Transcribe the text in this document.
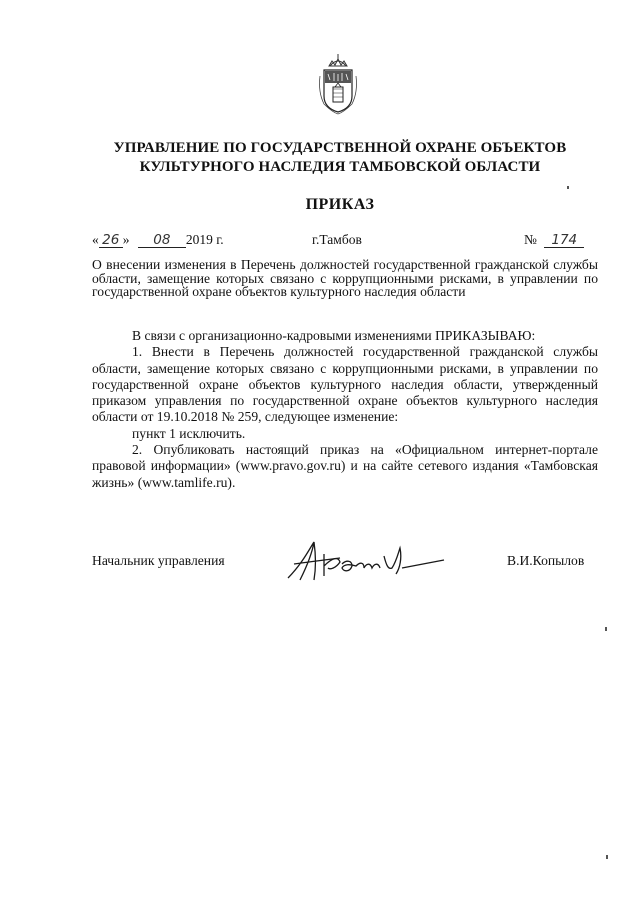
УПРАВЛЕНИЕ ПО ГОСУДАРСТВЕННОЙ ОХРАНЕ ОБЪЕКТОВ
КУЛЬТУРНОГО НАСЛЕДИЯ ТАМБОВСКОЙ ОБЛАСТИ
ПРИКАЗ
« 26 » 08 2019 г.	г.Тамбов	№ 174
О внесении изменения в Перечень должностей государственной гражданской службы области, замещение которых связано с коррупционными рисками, в управлении по государственной охране объектов культурного наследия области

В связи с организационно-кадровыми изменениями ПРИКАЗЫВАЮ:

1. Внести в Перечень должностей государственной гражданской службы области, замещение которых связано с коррупционными рисками, в управлении по государственной охране объектов культурного наследия области, утвержденный приказом управления по государственной охране объектов культурного наследия области от 19.10.2018 № 259, следующее изменение:

пункт 1 исключить.

2. Опубликовать настоящий приказ на «Официальном интернет-портале правовой информации» (www.pravo.gov.ru) и на сайте сетевого издания «Тамбовская жизнь» (www.tamlife.ru).

Начальник управления	В.И.Копылов
